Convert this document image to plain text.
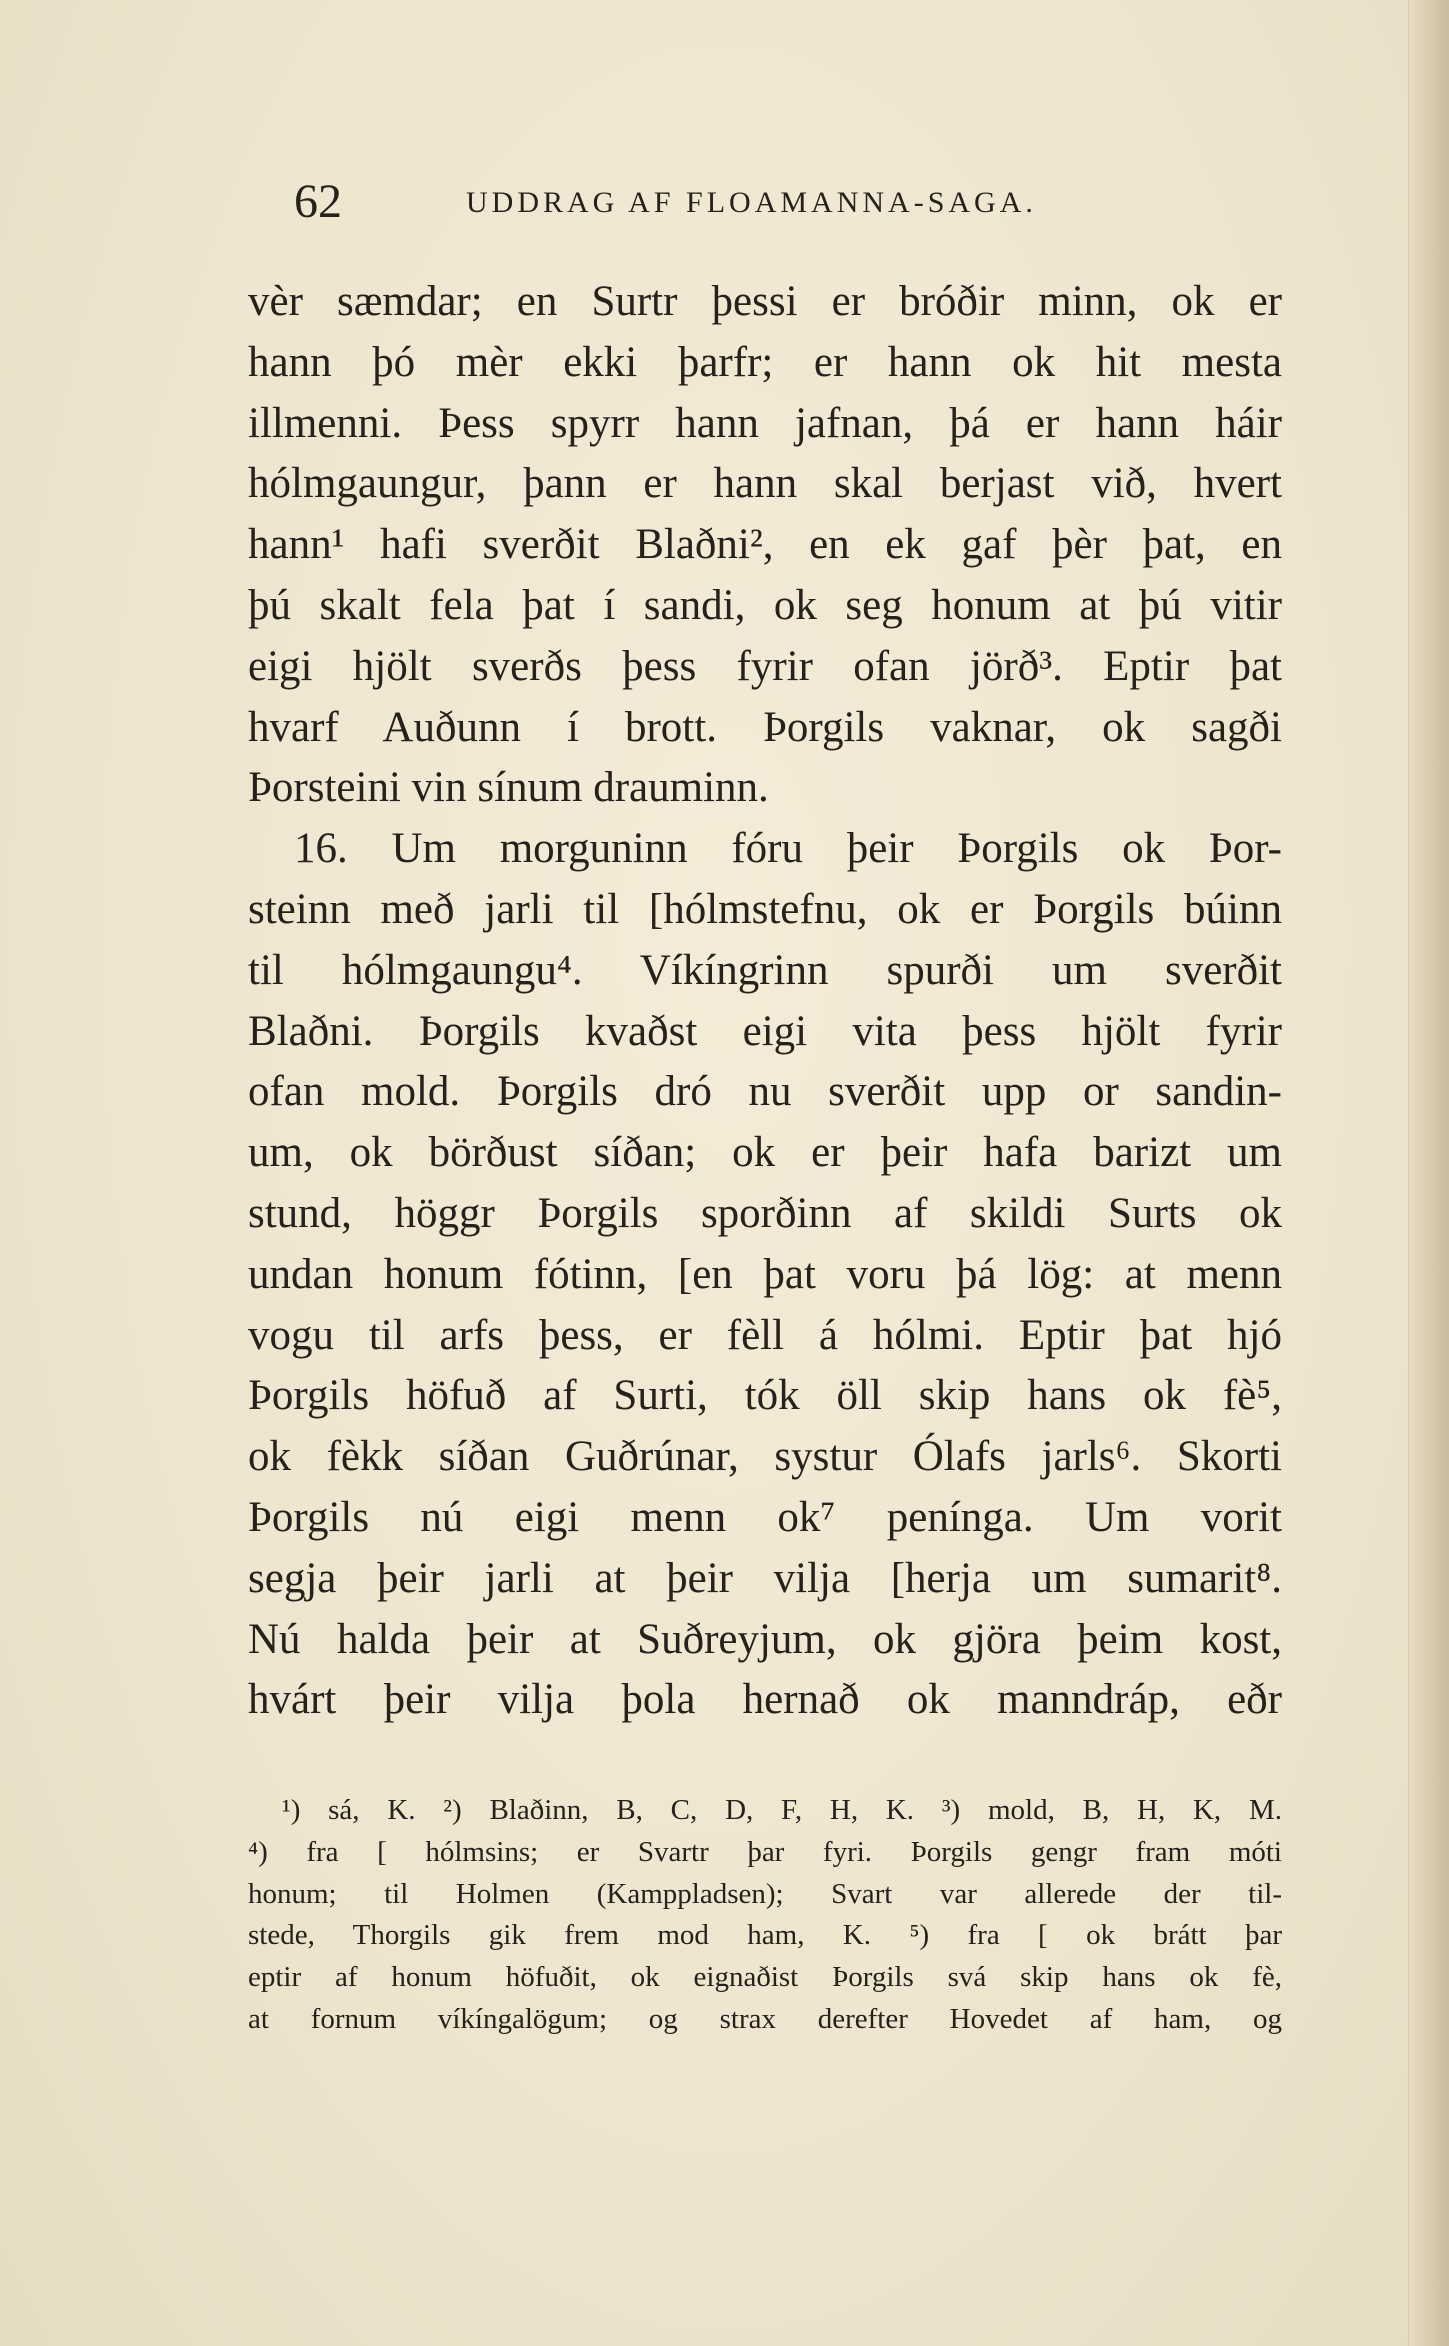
62	UDDRAG AF FLOAMANNA-SAGA.
vèr sæmdar; en Surtr þessi er bróðir minn, ok er
hann þó mèr ekki þarfr; er hann ok hit mesta
illmenni. Þess spyrr hann jafnan, þá er hann háir
hólmgaungur, þann er hann skal berjast við, hvert
hann¹ hafi sverðit Blaðni², en ek gaf þèr þat, en
þú skalt fela þat í sandi, ok seg honum at þú vitir
eigi hjölt sverðs þess fyrir ofan jörð³. Eptir þat
hvarf Auðunn í brott. Þorgils vaknar, ok sagði
Þorsteini vin sínum drauminn.
16. Um morguninn fóru þeir Þorgils ok Þor-
steinn með jarli til [hólmstefnu, ok er Þorgils búinn
til hólmgaungu⁴. Víkíngrinn spurði um sverðit
Blaðni. Þorgils kvaðst eigi vita þess hjölt fyrir
ofan mold. Þorgils dró nu sverðit upp or sandin-
um, ok börðust síðan; ok er þeir hafa barizt um
stund, höggr Þorgils sporðinn af skildi Surts ok
undan honum fótinn, [en þat voru þá lög: at menn
vogu til arfs þess, er fèll á hólmi. Eptir þat hjó
Þorgils höfuð af Surti, tók öll skip hans ok fè⁵,
ok fèkk síðan Guðrúnar, systur Ólafs jarls⁶. Skorti
Þorgils nú eigi menn ok⁷ penínga. Um vorit
segja þeir jarli at þeir vilja [herja um sumarit⁸.
Nú halda þeir at Suðreyjum, ok gjöra þeim kost,
hvárt þeir vilja þola hernað ok manndráp, eðr
¹) sá, K. ²) Blaðinn, B, C, D, F, H, K. ³) mold, B, H, K, M.
⁴) fra [ hólmsins; er Svartr þar fyri. Þorgils gengr fram móti
honum; til Holmen (Kamppladsen); Svart var allerede der til-
stede, Thorgils gik frem mod ham, K. ⁵) fra [ ok brátt þar
eptir af honum höfuðit, ok eignaðist Þorgils svá skip hans ok fè,
at fornum víkíngalögum; og strax derefter Hovedet af ham, og
